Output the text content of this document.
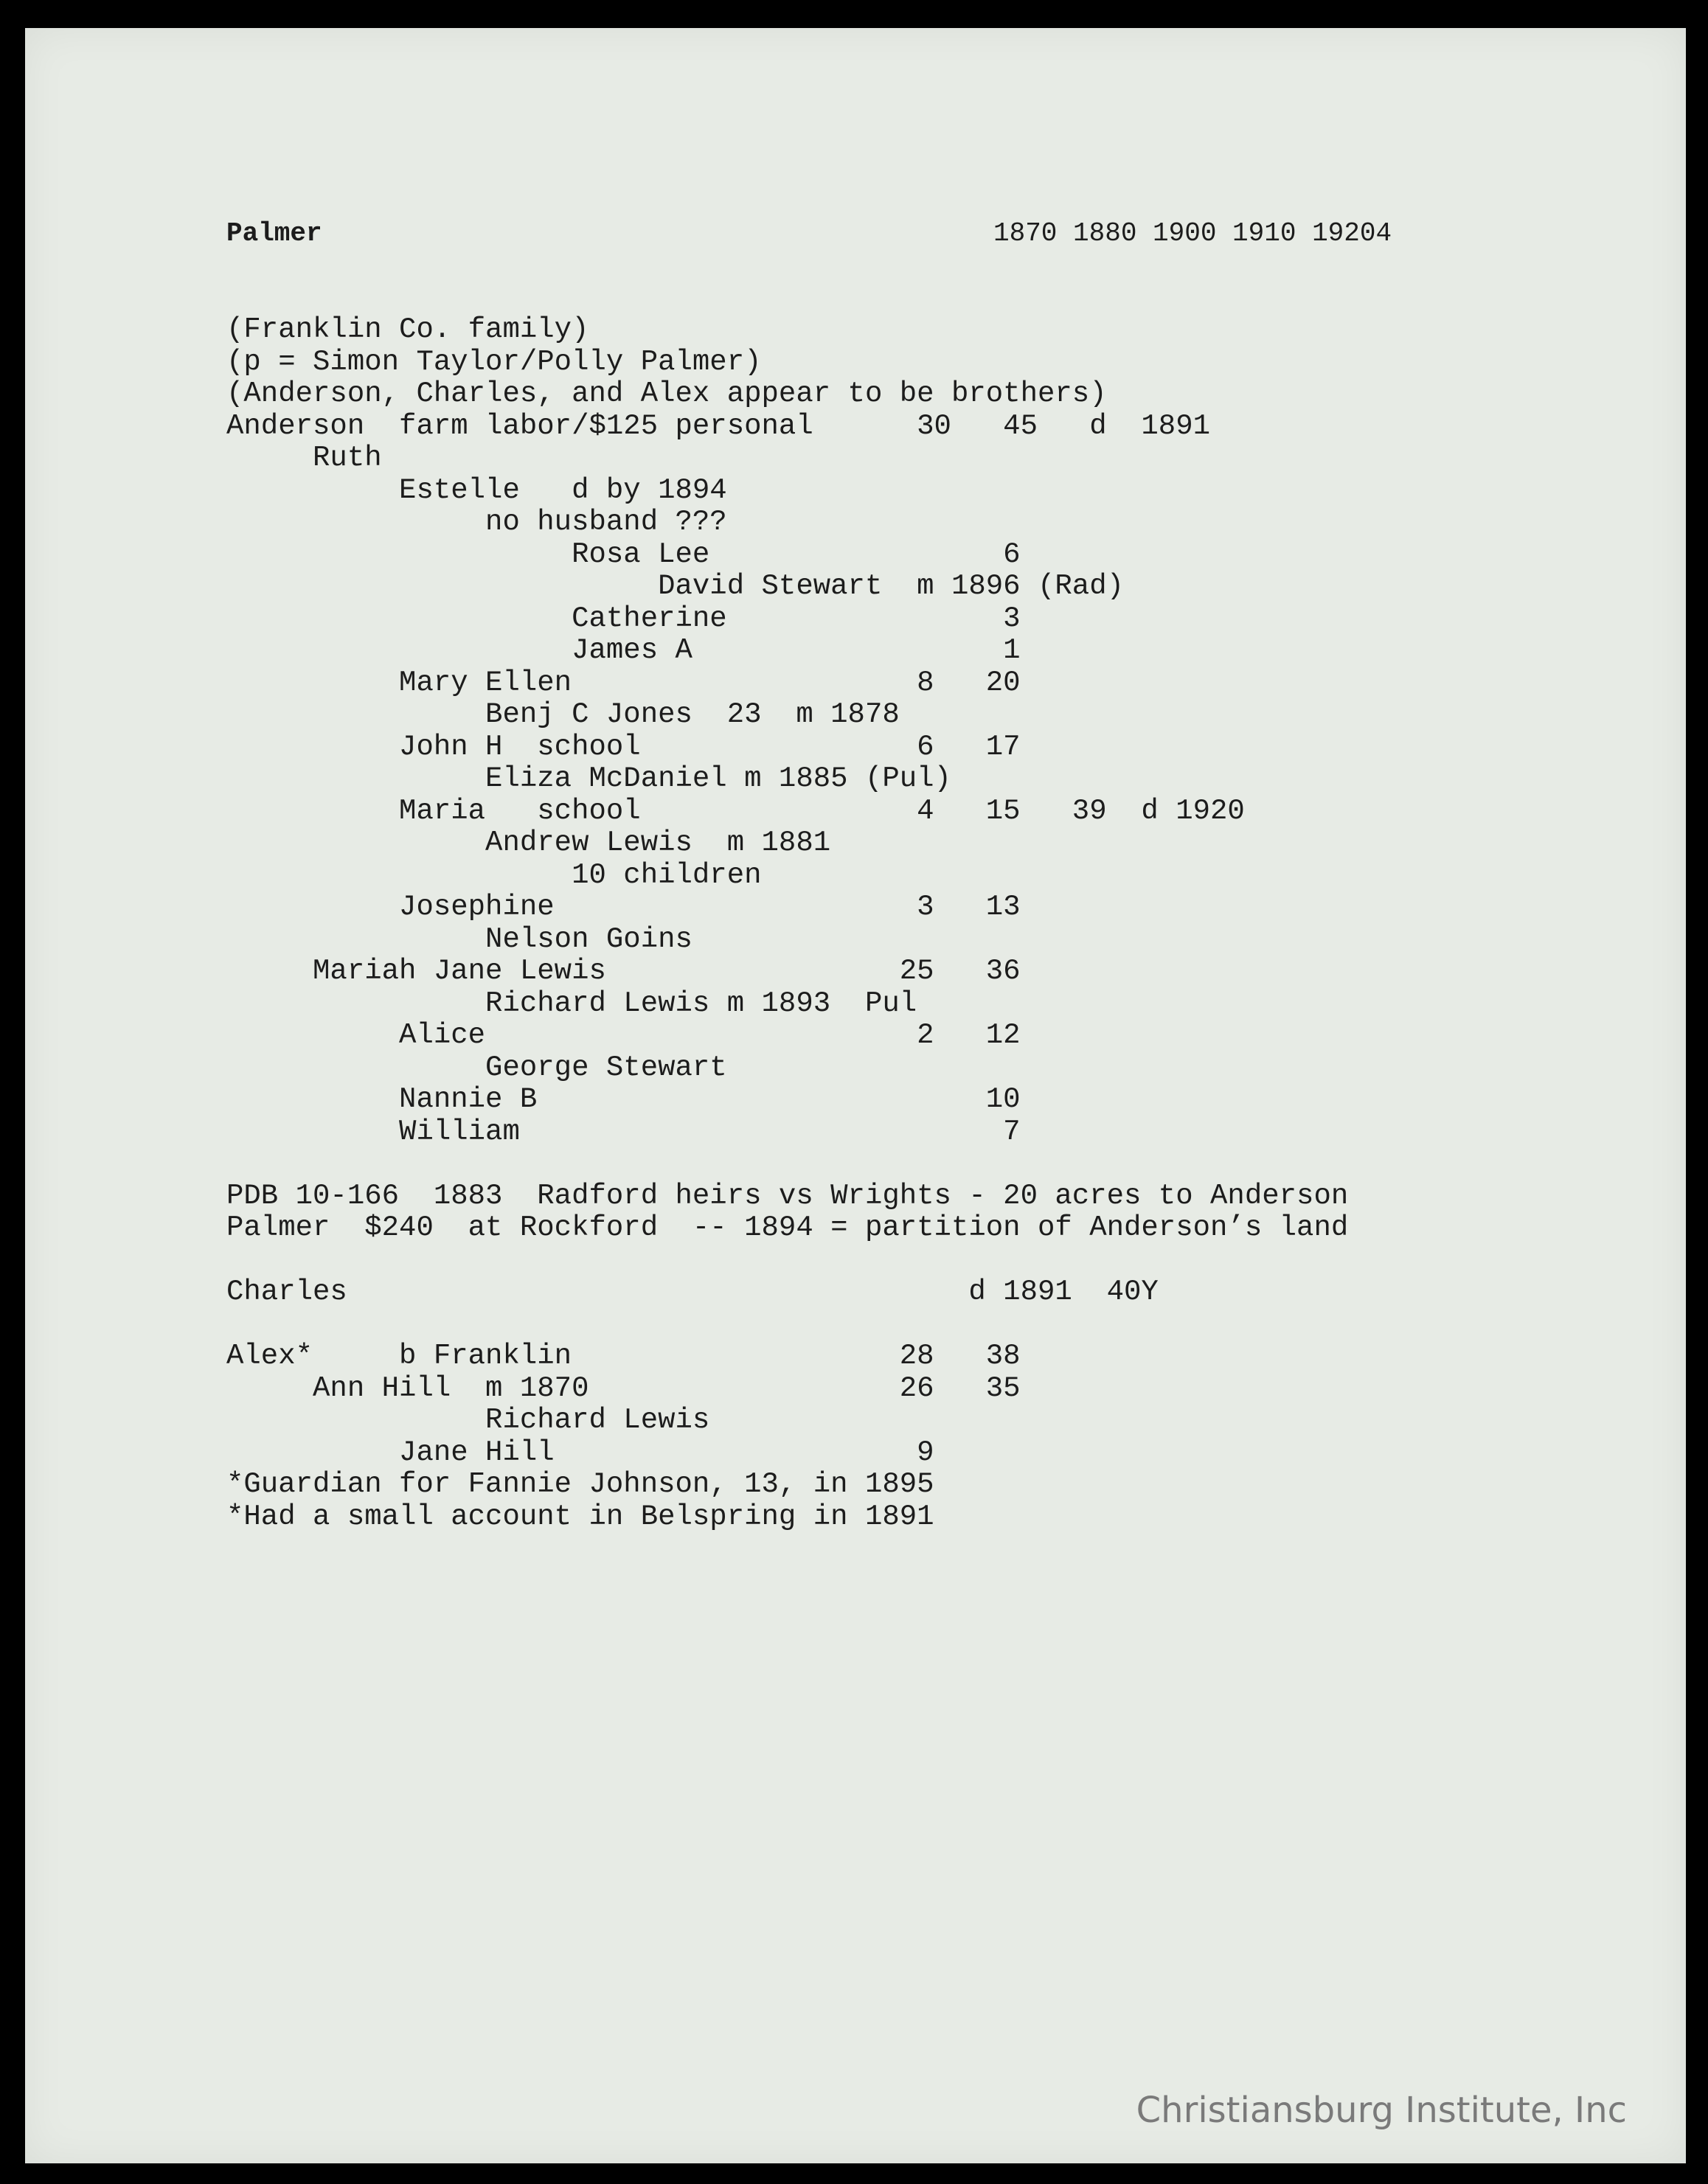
Palmer	1870 1880 1900 1910 19204
(Franklin Co. family)
(p = Simon Taylor/Polly Palmer)
(Anderson, Charles, and Alex appear to be brothers)
Anderson  farm labor/$125 personal      30   45   d  1891
Ruth
Estelle   d by 1894
no husband ???
Rosa Lee                 6
David Stewart  m 1896 (Rad)
Catherine                3
James A                  1
Mary Ellen                    8   20
Benj C Jones  23  m 1878
John H  school                6   17
Eliza McDaniel m 1885 (Pul)
Maria   school                4   15   39  d 1920
Andrew Lewis  m 1881
10 children
Josephine                     3   13
Nelson Goins
Mariah Jane Lewis                 25   36
Richard Lewis m 1893  Pul
Alice                         2   12
George Stewart
Nannie B                          10
William                            7
PDB 10-166  1883  Radford heirs vs Wrights - 20 acres to Anderson
Palmer  $240  at Rockford  -- 1894 = partition of Anderson’s land
Charles                                    d 1891  40Y
Alex*     b Franklin                   28   38
Ann Hill  m 1870                  26   35
Richard Lewis
Jane Hill                     9
*Guardian for Fannie Johnson, 13, in 1895
*Had a small account in Belspring in 1891
Christiansburg Institute, Inc
